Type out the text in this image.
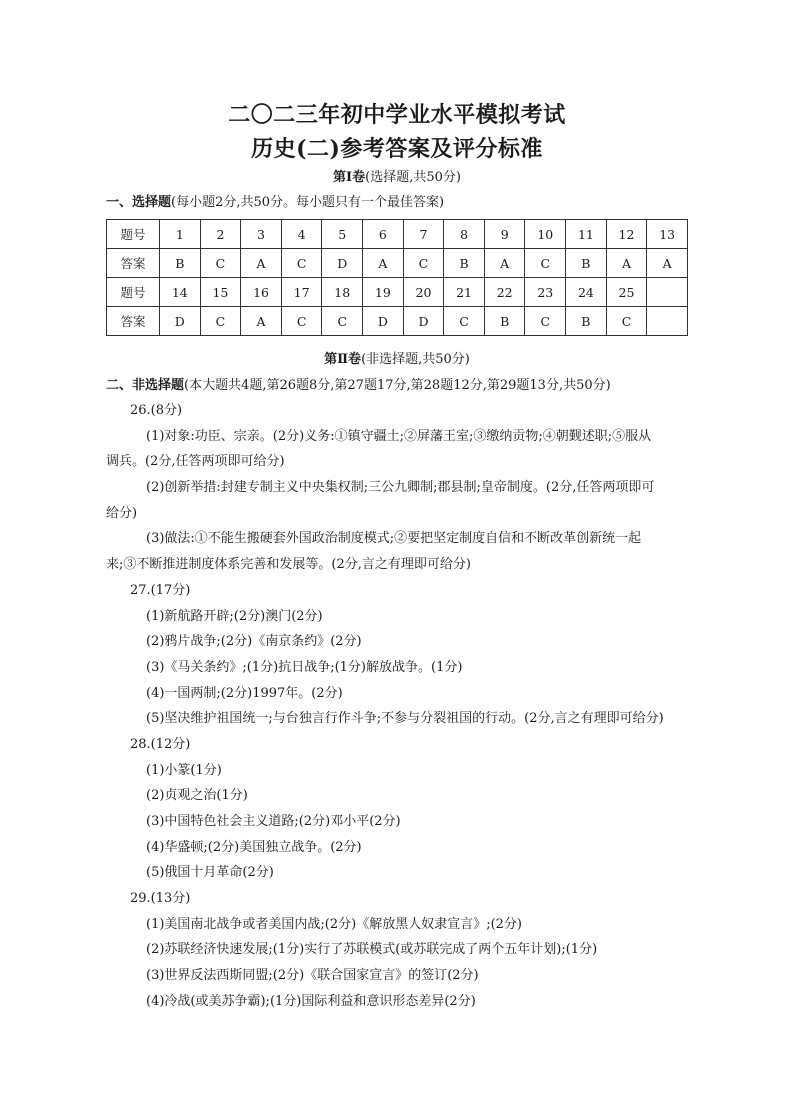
二〇二三年初中学业水平模拟考试
历史(二)参考答案及评分标准
第Ⅰ卷(选择题,共50分)
一、选择题(每小题2分,共50分。每小题只有一个最佳答案)
题号	1	2	3	4	5	6	7	8	9	10	11	12	13
答案	B	C	A	C	D	A	C	B	A	C	B	A	A
题号	14	15	16	17	18	19	20	21	22	23	24	25	
答案	D	C	A	C	C	D	D	C	B	C	B	C	
第Ⅱ卷(非选择题,共50分)
二、非选择题(本大题共4题,第26题8分,第27题17分,第28题12分,第29题13分,共50分)
26.(8分)
(1)对象:功臣、宗亲。(2分)义务:①镇守疆土;②屏藩王室;③缴纳贡物;④朝觐述职;⑤服从
调兵。(2分,任答两项即可给分)
(2)创新举措:封建专制主义中央集权制;三公九卿制;郡县制;皇帝制度。(2分,任答两项即可
给分)
(3)做法:①不能生搬硬套外国政治制度模式;②要把坚定制度自信和不断改革创新统一起
来;③不断推进制度体系完善和发展等。(2分,言之有理即可给分)
27.(17分)
(1)新航路开辟;(2分)澳门(2分)
(2)鸦片战争;(2分)《南京条约》(2分)
(3)《马关条约》;(1分)抗日战争;(1分)解放战争。(1分)
(4)一国两制;(2分)1997年。(2分)
(5)坚决维护祖国统一;与台独言行作斗争;不参与分裂祖国的行动。(2分,言之有理即可给分)
28.(12分)
(1)小篆(1分)
(2)贞观之治(1分)
(3)中国特色社会主义道路;(2分)邓小平(2分)
(4)华盛顿;(2分)美国独立战争。(2分)
(5)俄国十月革命(2分)
29.(13分)
(1)美国南北战争或者美国内战;(2分)《解放黑人奴隶宣言》;(2分)
(2)苏联经济快速发展;(1分)实行了苏联模式(或苏联完成了两个五年计划);(1分)
(3)世界反法西斯同盟;(2分)《联合国家宣言》的签订(2分)
(4)冷战(或美苏争霸);(1分)国际利益和意识形态差异(2分)
